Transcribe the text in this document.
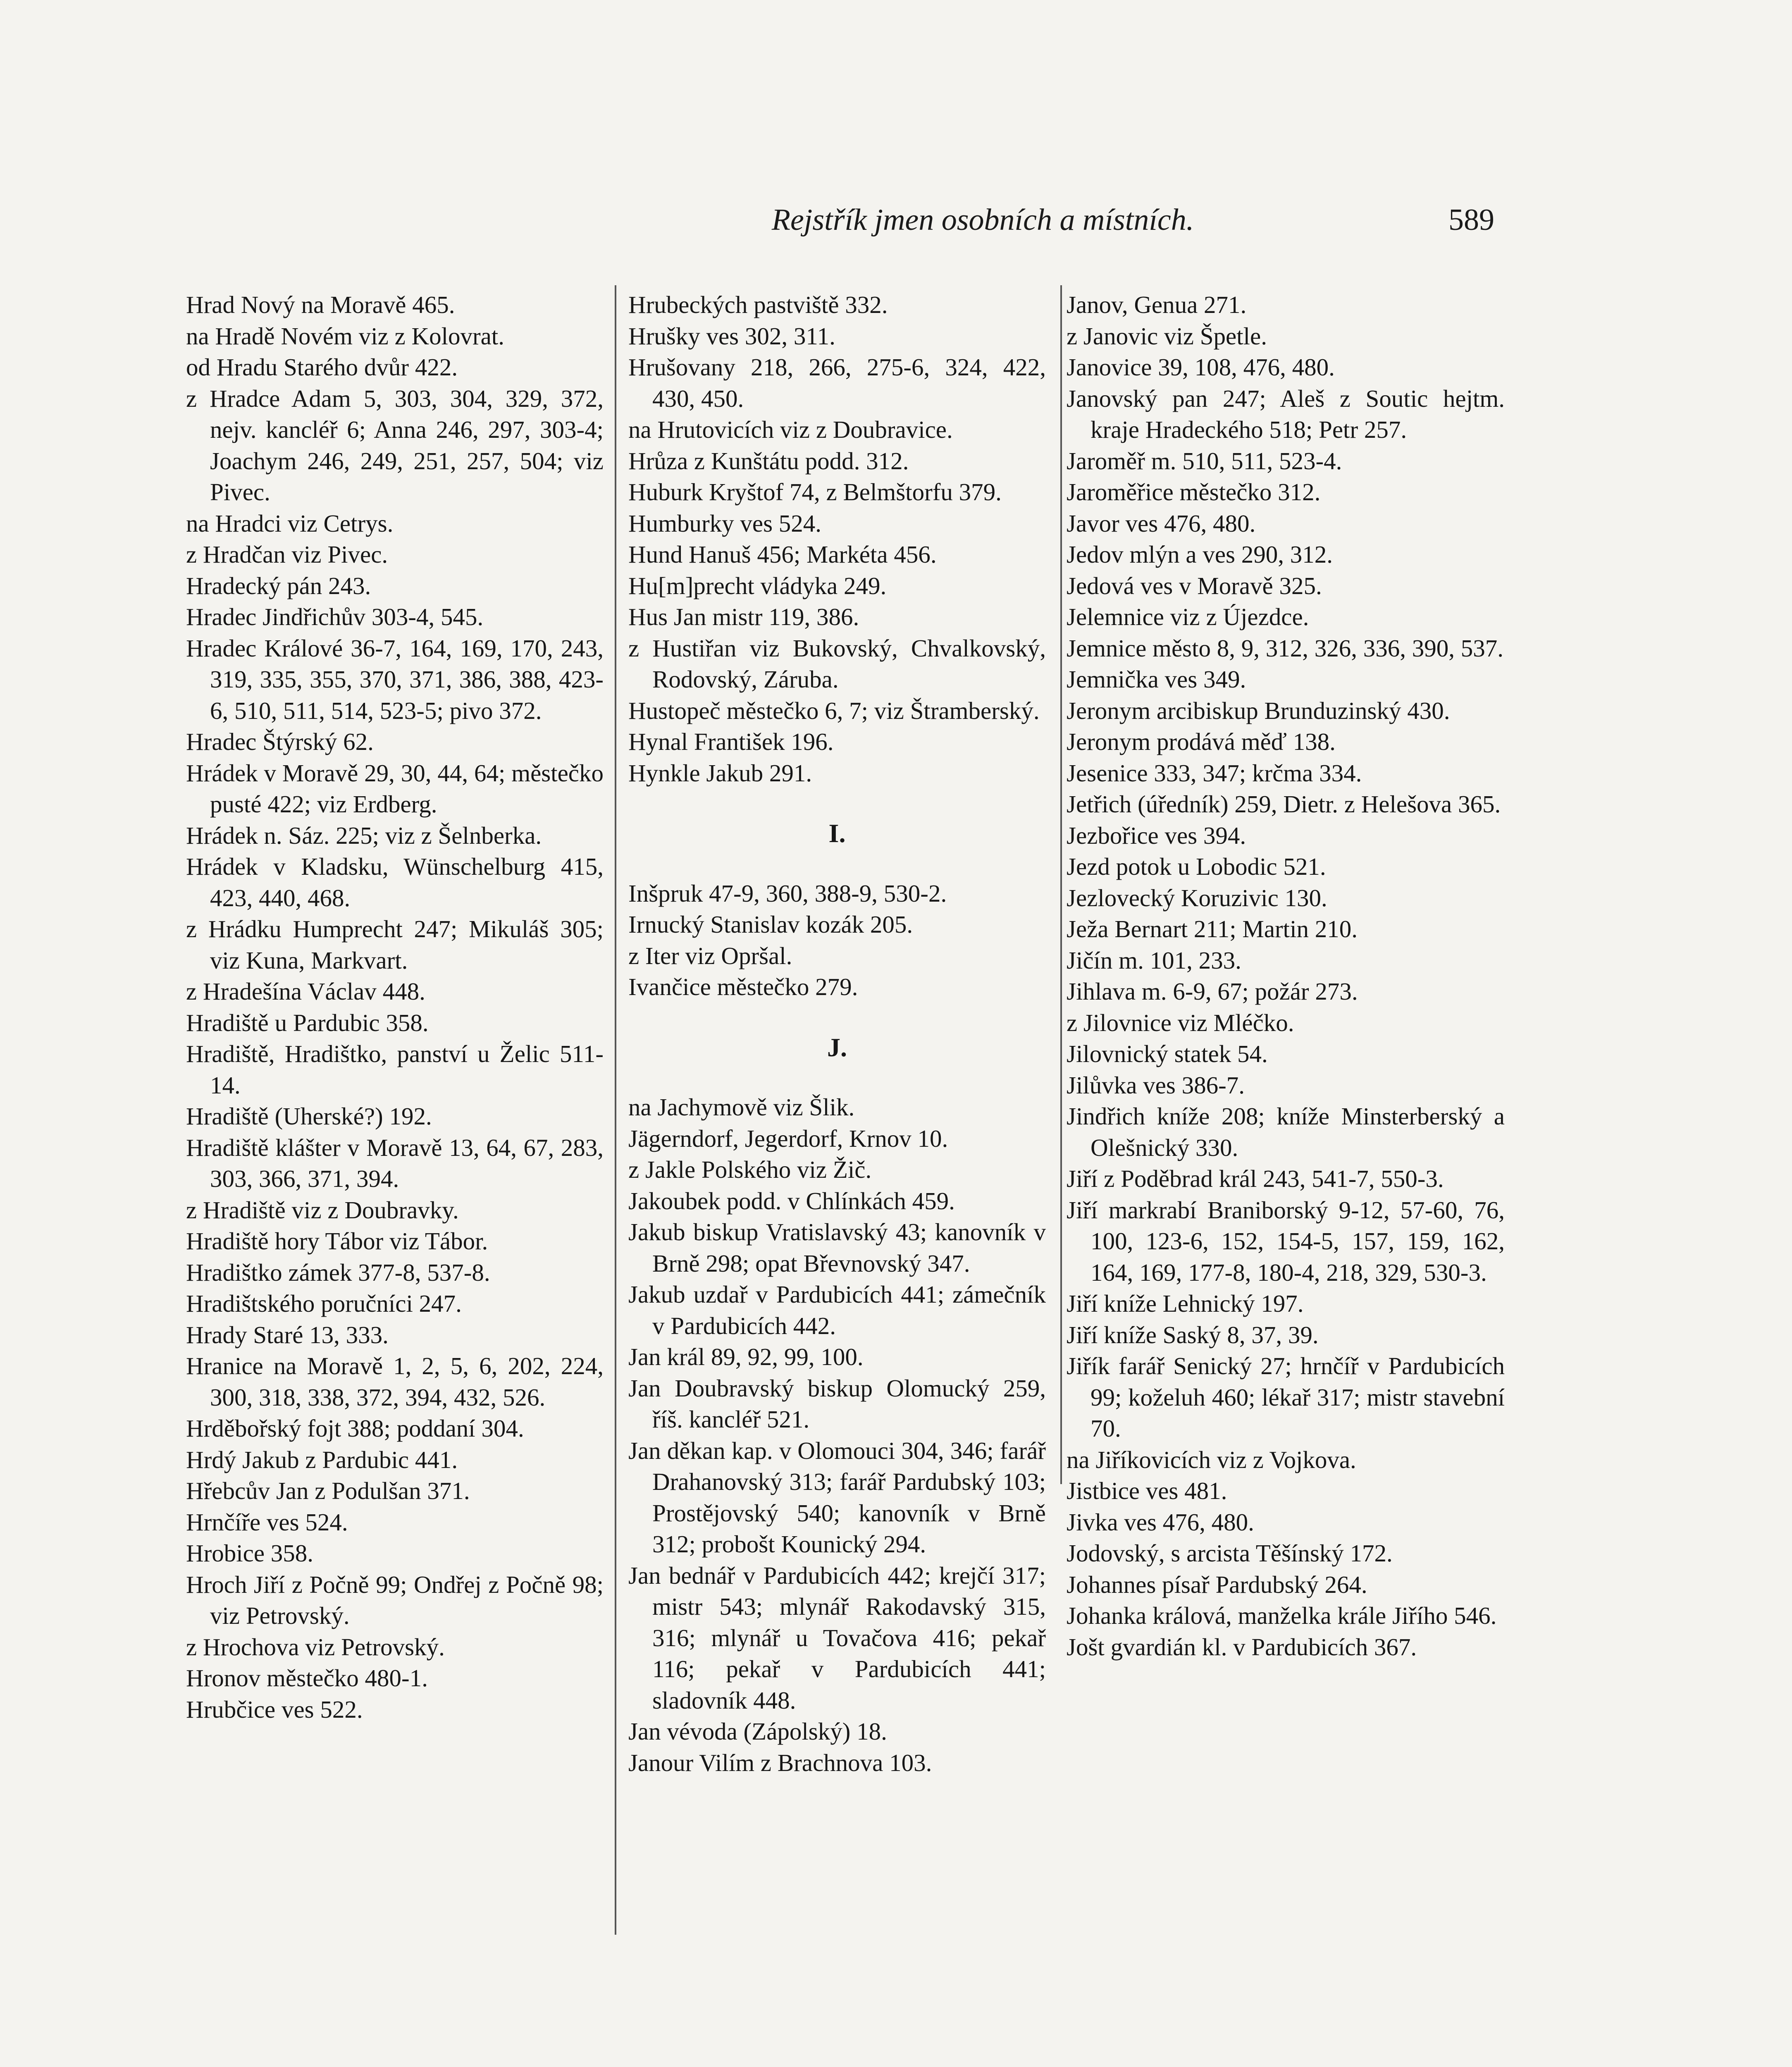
Rejstřík jmen osobních a místních.	589
Hrad Nový na Moravě 465.
na Hradě Novém viz z Kolovrat.
od Hradu Starého dvůr 422.
z Hradce Adam 5, 303, 304, 329, 372, nejv. kancléř 6; Anna 246, 297, 303-4; Joachym 246, 249, 251, 257, 504; viz Pivec.
na Hradci viz Cetrys.
z Hradčan viz Pivec.
Hradecký pán 243.
Hradec Jindřichův 303-4, 545.
Hradec Králové 36-7, 164, 169, 170, 243, 319, 335, 355, 370, 371, 386, 388, 423-6, 510, 511, 514, 523-5; pivo 372.
Hradec Štýrský 62.
Hrádek v Moravě 29, 30, 44, 64; městečko pusté 422; viz Erdberg.
Hrádek n. Sáz. 225; viz z Šelnberka.
Hrádek v Kladsku, Wünschelburg 415, 423, 440, 468.
z Hrádku Humprecht 247; Mikuláš 305; viz Kuna, Markvart.
z Hradešína Václav 448.
Hradiště u Pardubic 358.
Hradiště, Hradištko, panství u Želic 511-14.
Hradiště (Uherské?) 192.
Hradiště klášter v Moravě 13, 64, 67, 283, 303, 366, 371, 394.
z Hradiště viz z Doubravky.
Hradiště hory Tábor viz Tábor.
Hradištko zámek 377-8, 537-8.
Hradištského poručníci 247.
Hrady Staré 13, 333.
Hranice na Moravě 1, 2, 5, 6, 202, 224, 300, 318, 338, 372, 394, 432, 526.
Hrděbořský fojt 388; poddaní 304.
Hrdý Jakub z Pardubic 441.
Hřebcův Jan z Podulšan 371.
Hrnčíře ves 524.
Hrobice 358.
Hroch Jiří z Počně 99; Ondřej z Počně 98; viz Petrovský.
z Hrochova viz Petrovský.
Hronov městečko 480-1.
Hrubčice ves 522.
Hrubeckých pastviště 332.
Hrušky ves 302, 311.
Hrušovany 218, 266, 275-6, 324, 422, 430, 450.
na Hrutovicích viz z Doubravice.
Hrůza z Kunštátu podd. 312.
Huburk Kryštof 74, z Belmštorfu 379.
Humburky ves 524.
Hund Hanuš 456; Markéta 456.
Hu[m]precht vládyka 249.
Hus Jan mistr 119, 386.
z Hustiřan viz Bukovský, Chvalkovský, Rodovský, Záruba.
Hustopeč městečko 6, 7; viz Štramberský.
Hynal František 196.
Hynkle Jakub 291.
I.
Inšpruk 47-9, 360, 388-9, 530-2.
Irnucký Stanislav kozák 205.
z Iter viz Opršal.
Ivančice městečko 279.
J.
na Jachymově viz Šlik.
Jägerndorf, Jegerdorf, Krnov 10.
z Jakle Polského viz Žič.
Jakoubek podd. v Chlínkách 459.
Jakub biskup Vratislavský 43; kanovník v Brně 298; opat Břevnovský 347.
Jakub uzdař v Pardubicích 441; zámečník v Pardubicích 442.
Jan král 89, 92, 99, 100.
Jan Doubravský biskup Olomucký 259, říš. kancléř 521.
Jan děkan kap. v Olomouci 304, 346; farář Drahanovský 313; farář Pardubský 103; Prostějovský 540; kanovník v Brně 312; probošt Kounický 294.
Jan bednář v Pardubicích 442; krejčí 317; mistr 543; mlynář Rakodavský 315, 316; mlynář u Tovačova 416; pekař 116; pekař v Pardubicích 441; sladovník 448.
Jan vévoda (Zápolský) 18.
Janour Vilím z Brachnova 103.
Janov, Genua 271.
z Janovic viz Špetle.
Janovice 39, 108, 476, 480.
Janovský pan 247; Aleš z Soutic hejtm. kraje Hradeckého 518; Petr 257.
Jaroměř m. 510, 511, 523-4.
Jaroměřice městečko 312.
Javor ves 476, 480.
Jedov mlýn a ves 290, 312.
Jedová ves v Moravě 325.
Jelemnice viz z Újezdce.
Jemnice město 8, 9, 312, 326, 336, 390, 537.
Jemnička ves 349.
Jeronym arcibiskup Brunduzinský 430.
Jeronym prodává měď 138.
Jesenice 333, 347; krčma 334.
Jetřich (úředník) 259, Dietr. z Helešova 365.
Jezbořice ves 394.
Jezd potok u Lobodic 521.
Jezlovecký Koruzivic 130.
Ježa Bernart 211; Martin 210.
Jičín m. 101, 233.
Jihlava m. 6-9, 67; požár 273.
z Jilovnice viz Mléčko.
Jilovnický statek 54.
Jilůvka ves 386-7.
Jindřich kníže 208; kníže Minsterberský a Olešnický 330.
Jiří z Poděbrad král 243, 541-7, 550-3.
Jiří markrabí Braniborský 9-12, 57-60, 76, 100, 123-6, 152, 154-5, 157, 159, 162, 164, 169, 177-8, 180-4, 218, 329, 530-3.
Jiří kníže Lehnický 197.
Jiří kníže Saský 8, 37, 39.
Jiřík farář Senický 27; hrnčíř v Pardubicích 99; koželuh 460; lékař 317; mistr stavební 70.
na Jiříkovicích viz z Vojkova.
Jistbice ves 481.
Jivka ves 476, 480.
Jodovský, s arcista Těšínský 172.
Johannes písař Pardubský 264.
Johanka králová, manželka krále Jiřího 546.
Jošt gvardián kl. v Pardubicích 367.
